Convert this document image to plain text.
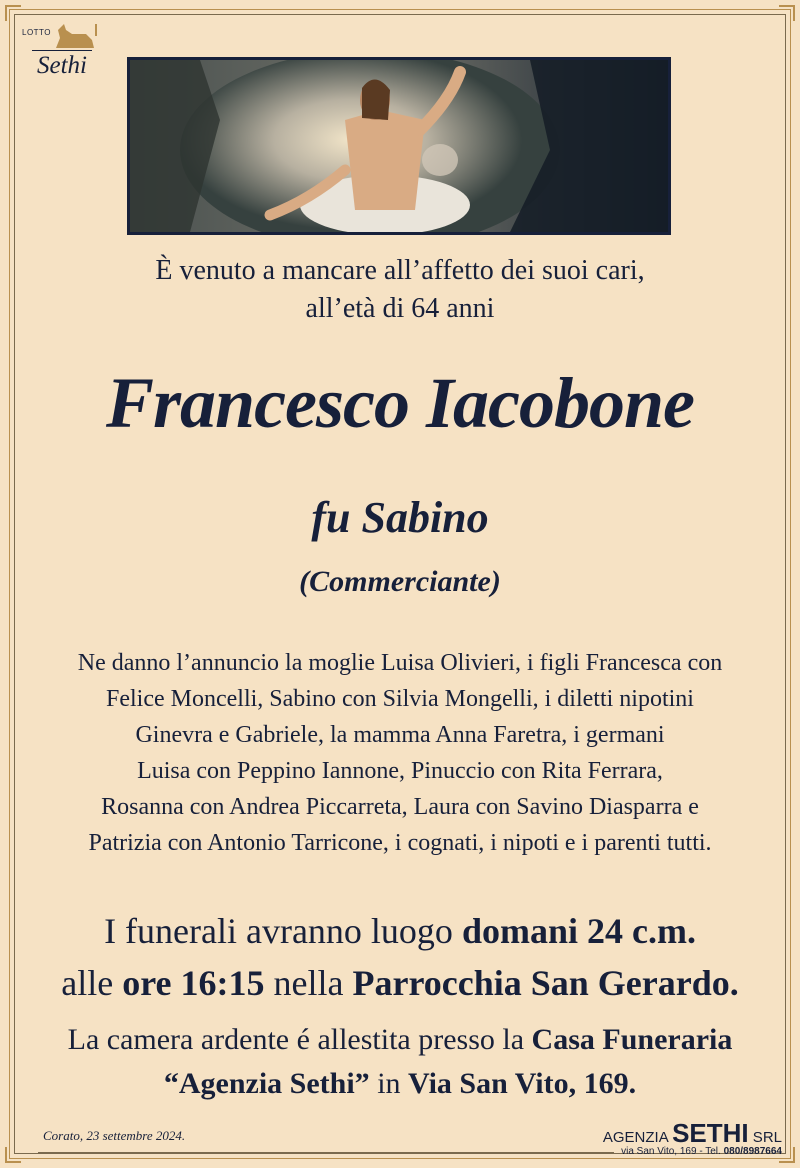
LOTTO
Sethi
È venuto a mancare all’affetto dei suoi cari,
all’età di 64 anni
Francesco Iacobone
fu Sabino
(Commerciante)
Ne danno l’annuncio la moglie Luisa Olivieri, i figli Francesca con
Felice Moncelli, Sabino con Silvia Mongelli, i diletti nipotini
Ginevra e Gabriele, la mamma Anna Faretra, i germani
Luisa con Peppino Iannone, Pinuccio con Rita Ferrara,
Rosanna con Andrea Piccarreta, Laura con Savino Diasparra e
Patrizia con Antonio Tarricone, i cognati, i nipoti e i parenti tutti.
I funerali avranno luogo domani 24 c.m.
alle ore 16:15 nella Parrocchia San Gerardo.
La camera ardente é allestita presso la Casa Funeraria
“Agenzia Sethi” in Via San Vito, 169.
Corato, 23 settembre 2024.	AGENZIA SETHI SRL
via San Vito, 169 - Tel. 080/8987664
